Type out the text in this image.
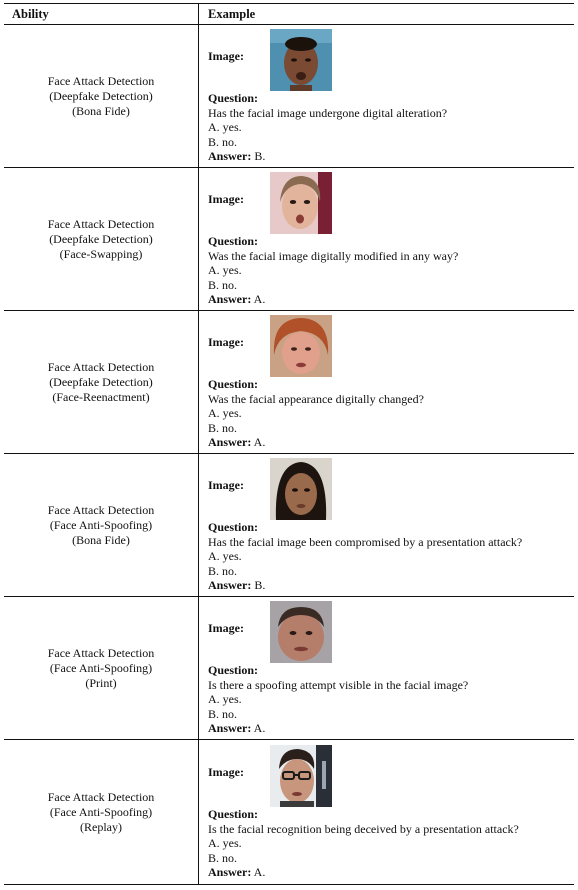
Ability	Example
Face Attack Detection
(Deepfake Detection)
(Bona Fide)
Image:
Question:
Has the facial image undergone digital alteration?
A. yes.
B. no.
Answer: B.
Face Attack Detection
(Deepfake Detection)
(Face-Swapping)
Image:
Question:
Was the facial image digitally modified in any way?
A. yes.
B. no.
Answer: A.
Face Attack Detection
(Deepfake Detection)
(Face-Reenactment)
Image:
Question:
Was the facial appearance digitally changed?
A. yes.
B. no.
Answer: A.
Face Attack Detection
(Face Anti-Spoofing)
(Bona Fide)
Image:
Question:
Has the facial image been compromised by a presentation attack?
A. yes.
B. no.
Answer: B.
Face Attack Detection
(Face Anti-Spoofing)
(Print)
Image:
Question:
Is there a spoofing attempt visible in the facial image?
A. yes.
B. no.
Answer: A.
Face Attack Detection
(Face Anti-Spoofing)
(Replay)
Image:
Question:
Is the facial recognition being deceived by a presentation attack?
A. yes.
B. no.
Answer: A.
